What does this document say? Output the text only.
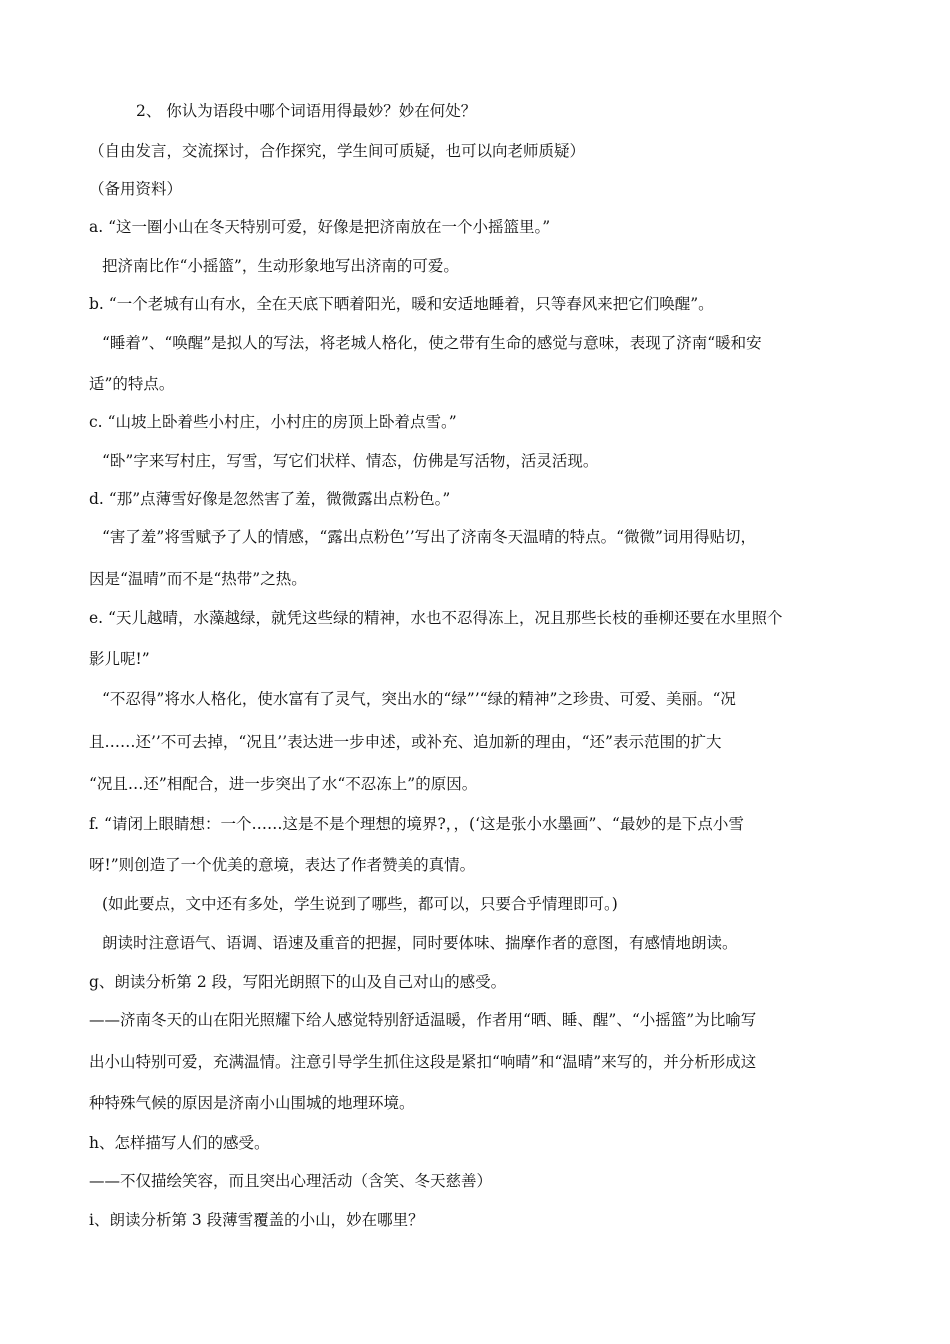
2、 你认为语段中哪个词语用得最妙？妙在何处？
（自由发言，交流探讨，合作探究，学生间可质疑，也可以向老师质疑）
（备用资料）
a. “这一圈小山在冬天特别可爱，好像是把济南放在一个小摇篮里。”
把济南比作“小摇篮”，生动形象地写出济南的可爱。
b. “一个老城有山有水，全在天底下晒着阳光，暖和安适地睡着，只等春风来把它们唤醒”。
“睡着”、“唤醒”是拟人的写法，将老城人格化，使之带有生命的感觉与意味，表现了济南“暖和安
适”的特点。
c. “山坡上卧着些小村庄，小村庄的房顶上卧着点雪。”
“卧”字来写村庄，写雪，写它们状样、情态，仿佛是写活物，活灵活现。
d. “那”点薄雪好像是忽然害了羞，微微露出点粉色。”
“害了羞”将雪赋予了人的情感，“露出点粉色’’写出了济南冬天温晴的特点。“微微”词用得贴切，
因是“温晴”而不是“热带”之热。
e. “天儿越晴，水藻越绿，就凭这些绿的精神，水也不忍得冻上，况且那些长枝的垂柳还要在水里照个
影儿呢!”
“不忍得”将水人格化，使水富有了灵气，突出水的“绿”’“绿的精神”之珍贵、可爱、美丽。“况
且……还’’不可去掉，“况且’’表达进一步申述，或补充、追加新的理由，“还”表示范围的扩大
“况且…还”相配合，进一步突出了水“不忍冻上”的原因。
f. “请闭上眼睛想：一个……这是不是个理想的境界?，，(‘这是张小水墨画”、“最妙的是下点小雪
呀!”则创造了一个优美的意境，表达了作者赞美的真情。
(如此要点，文中还有多处，学生说到了哪些，都可以，只要合乎情理即可。)
朗读时注意语气、语调、语速及重音的把握，同时要体味、揣摩作者的意图，有感情地朗读。
g、朗读分析第 2 段，写阳光朗照下的山及自己对山的感受。
——济南冬天的山在阳光照耀下给人感觉特别舒适温暖，作者用“晒、睡、醒”、“小摇篮”为比喻写
出小山特别可爱，充满温情。注意引导学生抓住这段是紧扣“响晴”和“温晴”来写的，并分析形成这
种特殊气候的原因是济南小山围城的地理环境。
h、怎样描写人们的感受。
——不仅描绘笑容，而且突出心理活动（含笑、冬天慈善）
i、朗读分析第 3 段薄雪覆盖的小山，妙在哪里？
